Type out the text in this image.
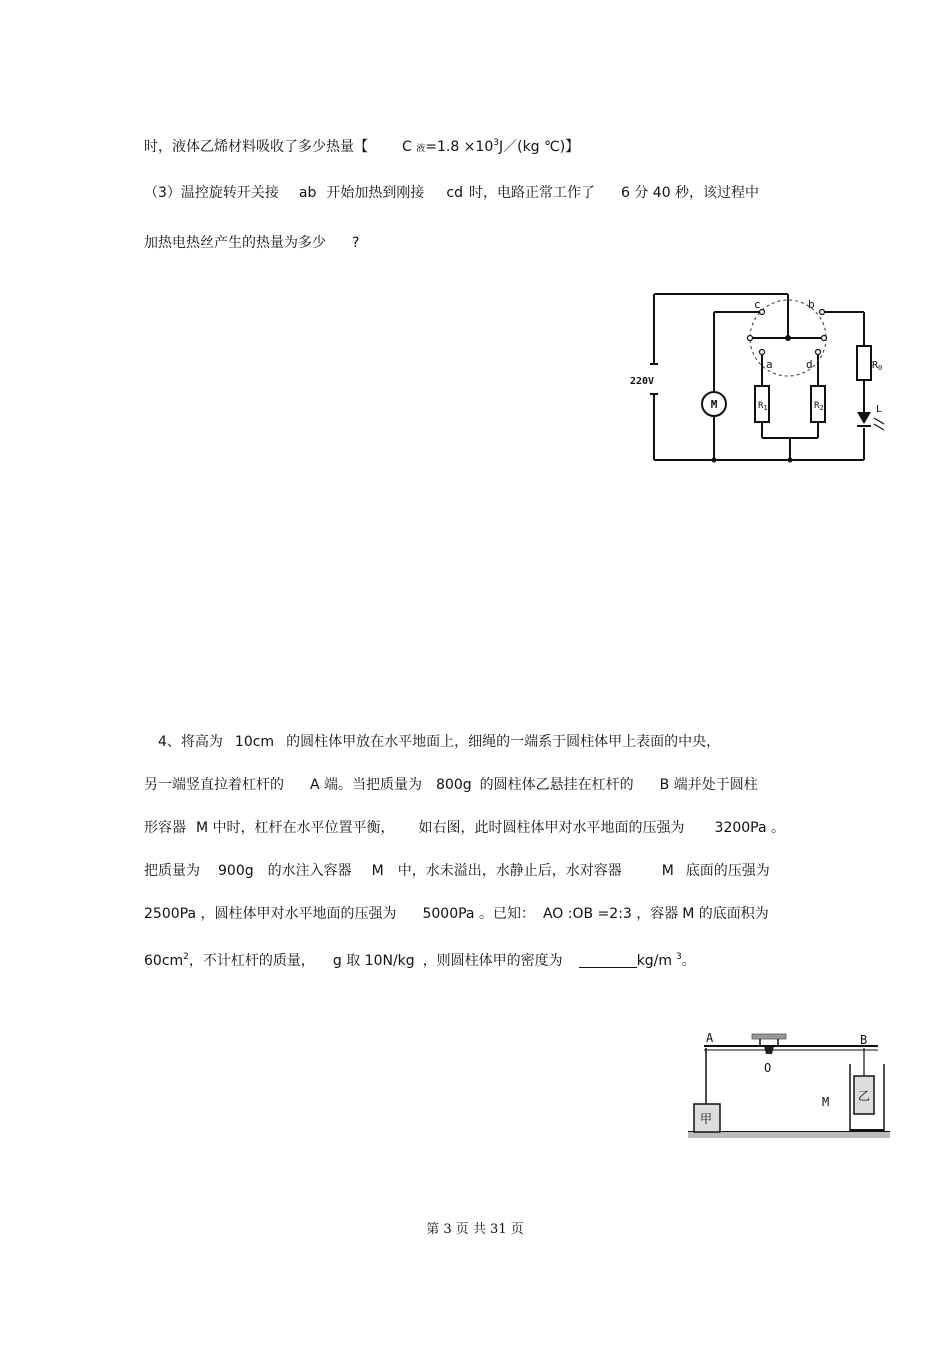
时，液体乙烯材料吸收了多少热量【 C 液$=1.8 \times 10^3J/(kg$ ℃)】
（3）温控旋转开关接 ab 开始加热到刚接 cd 时，电路正常工作了 6 分 40 秒，该过程中
加热电热丝产生的热量为多少 ?
M
220V
c	b
a	d
$R_1$	$R_2$
$R_0$
L
4、将高为 10cm 的圆柱体甲放在水平地面上，细绳的一端系于圆柱体甲上表面的中央，
另一端竖直拉着杠杆的 A 端。当把质量为 800g 的圆柱体乙悬挂在杠杆的 B 端并处于圆柱
形容器 M 中时，杠杆在水平位置平衡， 如右图，此时圆柱体甲对水平地面的压强为 3200Pa 。
把质量为 900g 的水注入容器 M 中，水未溢出，水静止后，水对容器	M 底面的压强为
2500Pa ，圆柱体甲对水平地面的压强为 5000Pa 。已知： AO :OB =2:3 ，容器 M 的底面积为
$60cm^2$，不计杠杆的质量， g 取 10N/kg ，则圆柱体甲的密度为	kg/m $^3$。
A	B
O
M
甲
乙
第 3 页 共 31 页
